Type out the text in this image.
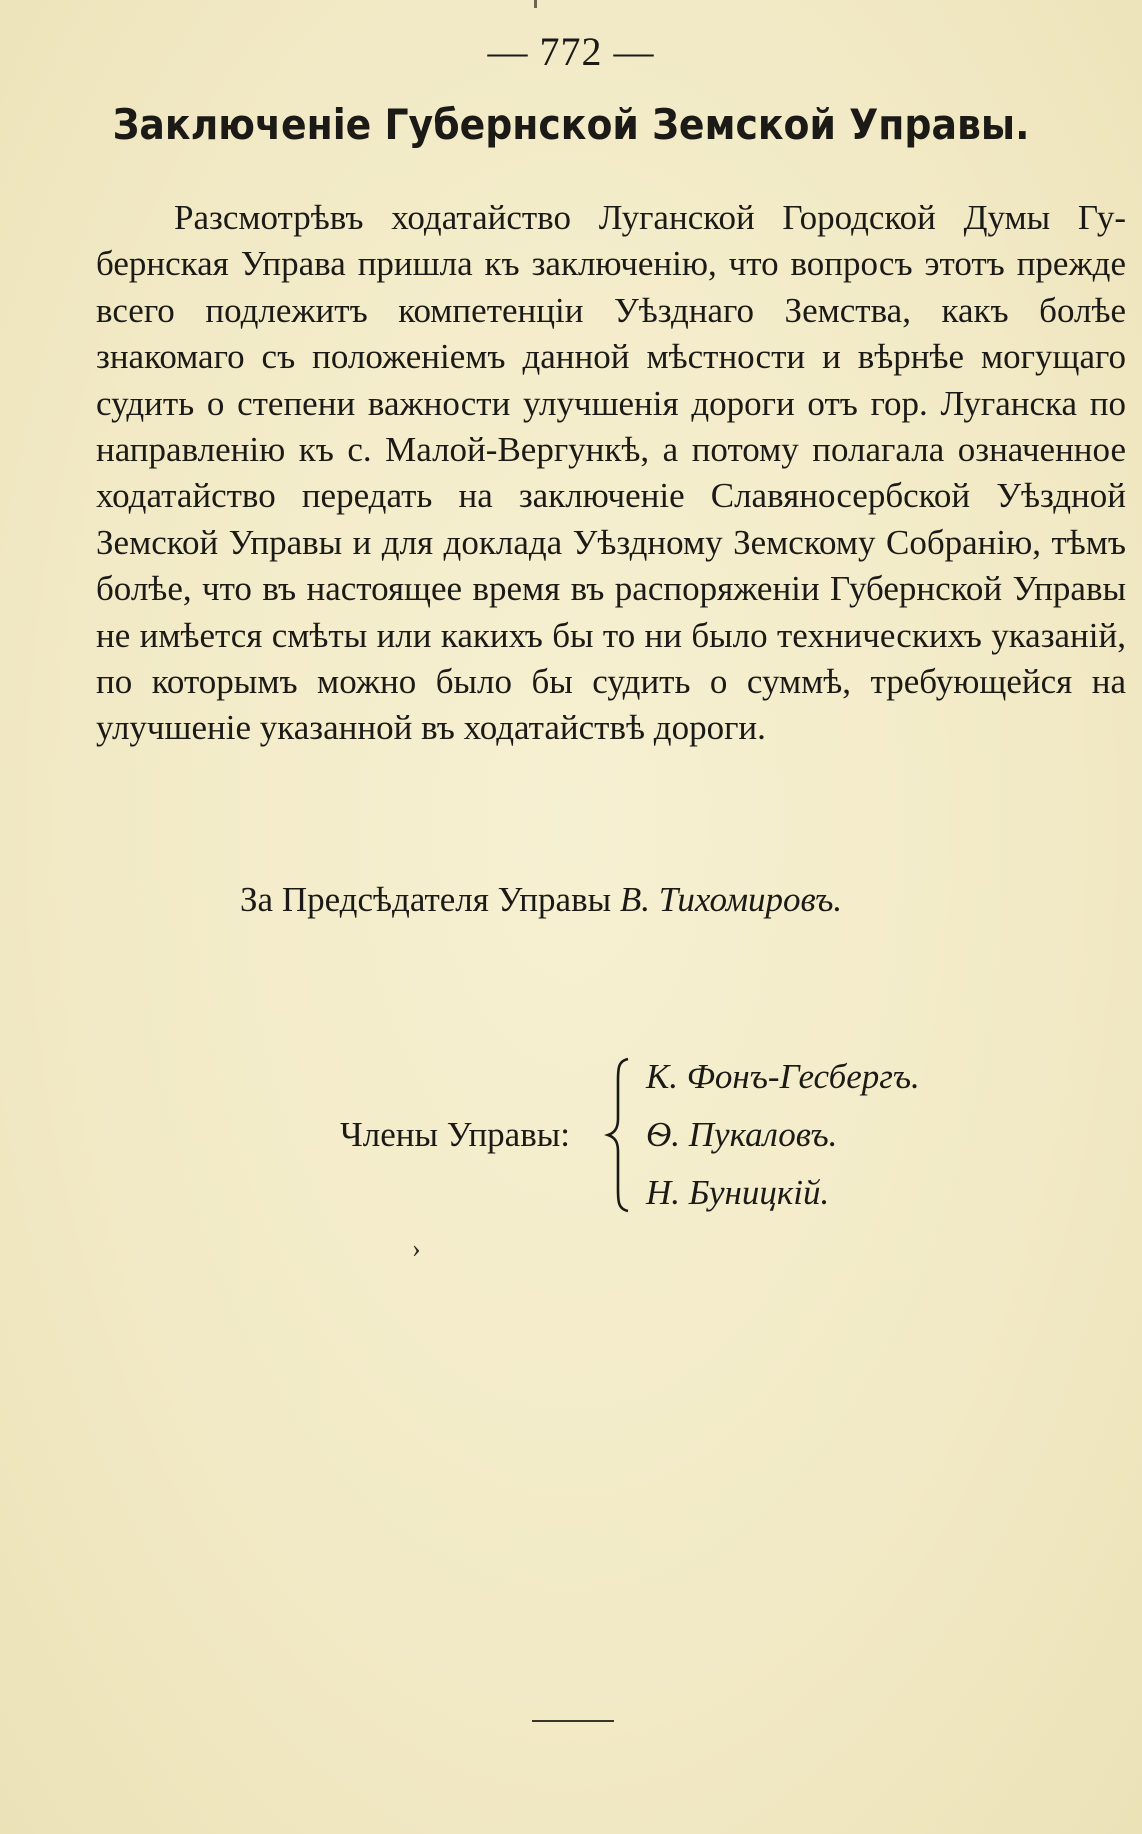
— 772 —
Заключенiе Губернской Земской Управы.

Разсмотрѣвъ ходатайство Луганской Городской Думы Губернская Управа пришла къ заключенію, что вопросъ этотъ прежде всего подлежитъ компетенціи Уѣзднаго Земства, какъ болѣе знакомаго съ положеніемъ данной мѣстности и вѣрнѣе могущаго судить о степени важности улучшенія дороги отъ гор. Луганска по направленію къ с. Малой-Вергункѣ, а потому полагала означенное ходатайство передать на заключеніе Славяносербской Уѣздной Земской Управы и для доклада Уѣздному Земскому Собранію, тѣмъ болѣе, что въ настоящее время въ распоряженіи Губернской Управы не имѣется смѣты или какихъ бы то ни было техническихъ указаній, по которымъ можно было бы судить о суммѣ, требующейся на улучшеніе указанной въ ходатайствѣ дороги.

За Предсѣдателя Управы В. Тихомировъ.
Члены Управы:
К. Фонъ-Гесбергъ.
Ѳ. Пукаловъ.
Н. Буницкій.
›
